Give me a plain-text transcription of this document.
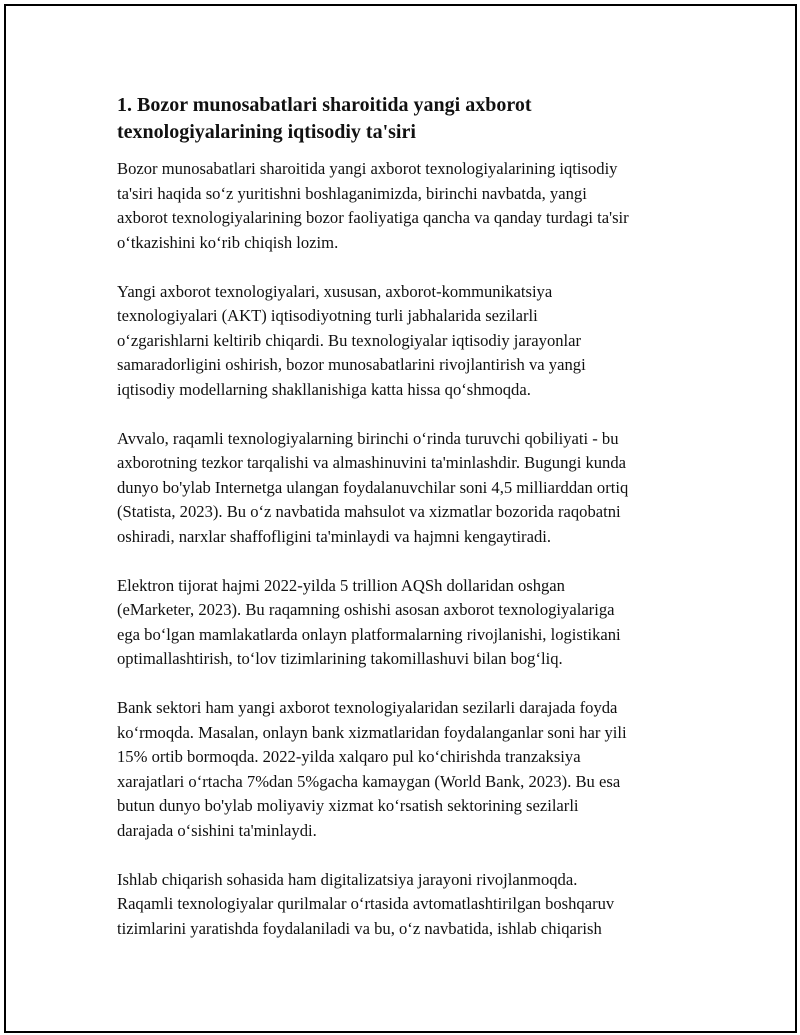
1. Bozor munosabatlari sharoitida yangi axborot
texnologiyalarining iqtisodiy ta'siri

Bozor munosabatlari sharoitida yangi axborot texnologiyalarining iqtisodiy
ta'siri haqida soʻz yuritishni boshlaganimizda, birinchi navbatda, yangi
axborot texnologiyalarining bozor faoliyatiga qancha va qanday turdagi ta'sir
oʻtkazishini koʻrib chiqish lozim.

Yangi axborot texnologiyalari, xususan, axborot-kommunikatsiya
texnologiyalari (AKT) iqtisodiyotning turli jabhalarida sezilarli
oʻzgarishlarni keltirib chiqardi. Bu texnologiyalar iqtisodiy jarayonlar
samaradorligini oshirish, bozor munosabatlarini rivojlantirish va yangi
iqtisodiy modellarning shakllanishiga katta hissa qoʻshmoqda.

Avvalo, raqamli texnologiyalarning birinchi oʻrinda turuvchi qobiliyati - bu
axborotning tezkor tarqalishi va almashinuvini ta'minlashdir. Bugungi kunda
dunyo bo'ylab Internetga ulangan foydalanuvchilar soni 4,5 milliarddan ortiq
(Statista, 2023). Bu oʻz navbatida mahsulot va xizmatlar bozorida raqobatni
oshiradi, narxlar shaffofligini ta'minlaydi va hajmni kengaytiradi.

Elektron tijorat hajmi 2022-yilda 5 trillion AQSh dollaridan oshgan
(eMarketer, 2023). Bu raqamning oshishi asosan axborot texnologiyalariga
ega boʻlgan mamlakatlarda onlayn platformalarning rivojlanishi, logistikani
optimallashtirish, toʻlov tizimlarining takomillashuvi bilan bogʻliq.

Bank sektori ham yangi axborot texnologiyalaridan sezilarli darajada foyda
koʻrmoqda. Masalan, onlayn bank xizmatlaridan foydalanganlar soni har yili
15% ortib bormoqda. 2022-yilda xalqaro pul koʻchirishda tranzaksiya
xarajatlari oʻrtacha 7%dan 5%gacha kamaygan (World Bank, 2023). Bu esa
butun dunyo bo'ylab moliyaviy xizmat koʻrsatish sektorining sezilarli
darajada oʻsishini ta'minlaydi.

Ishlab chiqarish sohasida ham digitalizatsiya jarayoni rivojlanmoqda.
Raqamli texnologiyalar qurilmalar oʻrtasida avtomatlashtirilgan boshqaruv
tizimlarini yaratishda foydalaniladi va bu, oʻz navbatida, ishlab chiqarish
